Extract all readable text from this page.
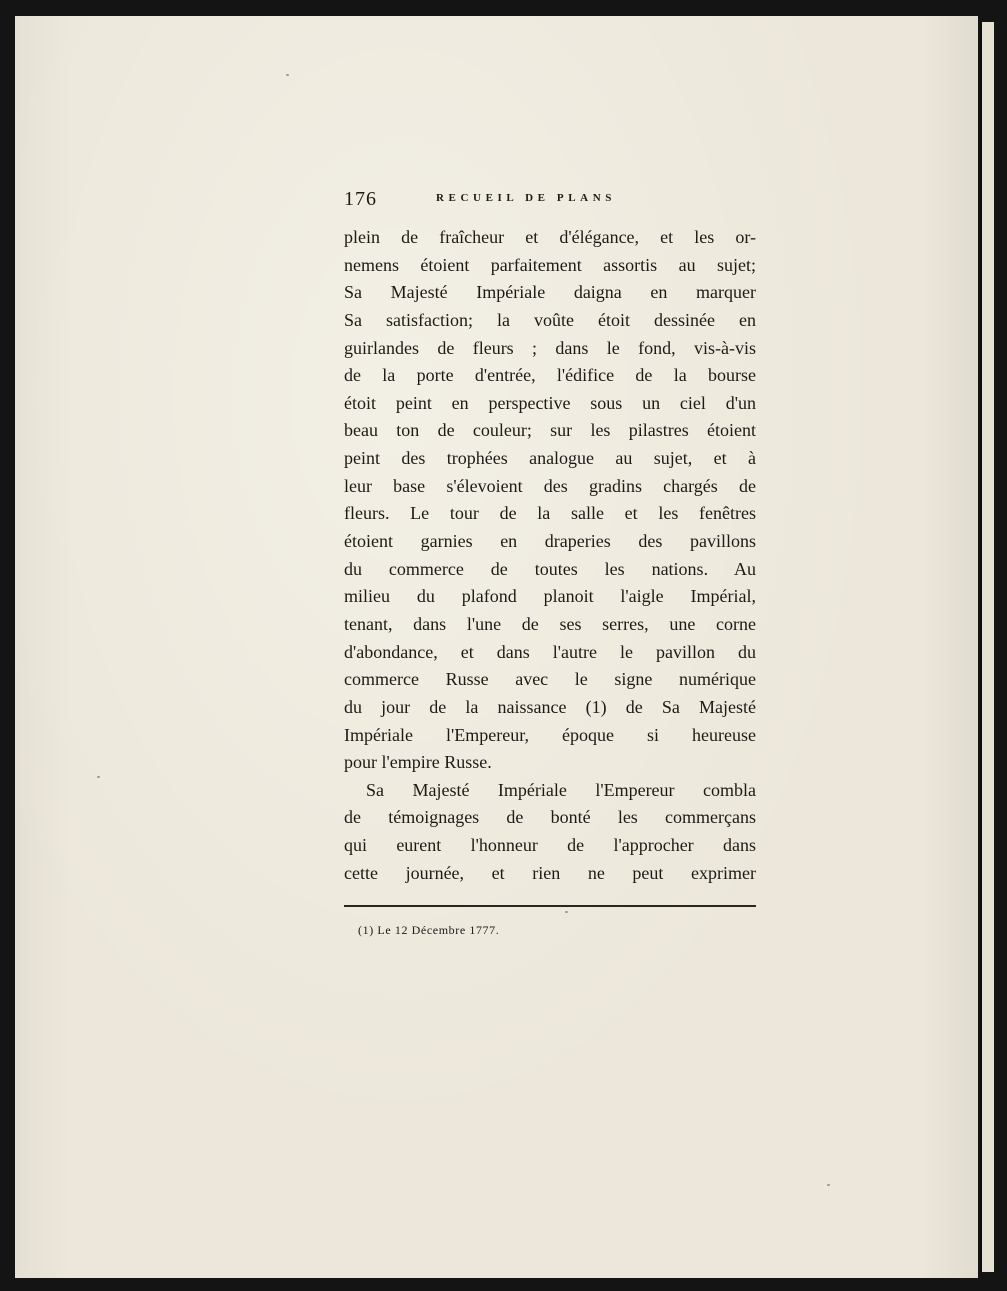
176	RECUEIL DE PLANS
plein de fraîcheur et d'élégance, et les or-
nemens étoient parfaitement assortis au sujet;
Sa Majesté Impériale daigna en marquer
Sa satisfaction; la voûte étoit dessinée en
guirlandes de fleurs ; dans le fond, vis-à-vis
de la porte d'entrée, l'édifice de la bourse
étoit peint en perspective sous un ciel d'un
beau ton de couleur; sur les pilastres étoient
peint des trophées analogue au sujet, et à
leur base s'élevoient des gradins chargés de
fleurs. Le tour de la salle et les fenêtres
étoient garnies en draperies des pavillons
du commerce de toutes les nations. Au
milieu du plafond planoit l'aigle Impérial,
tenant, dans l'une de ses serres, une corne
d'abondance, et dans l'autre le pavillon du
commerce Russe avec le signe numérique
du jour de la naissance (1) de Sa Majesté
Impériale l'Empereur, époque si heureuse
pour l'empire Russe.
Sa Majesté Impériale l'Empereur combla
de témoignages de bonté les commerçans
qui eurent l'honneur de l'approcher dans
cette journée, et rien ne peut exprimer
(1) Le 12 Décembre 1777.
